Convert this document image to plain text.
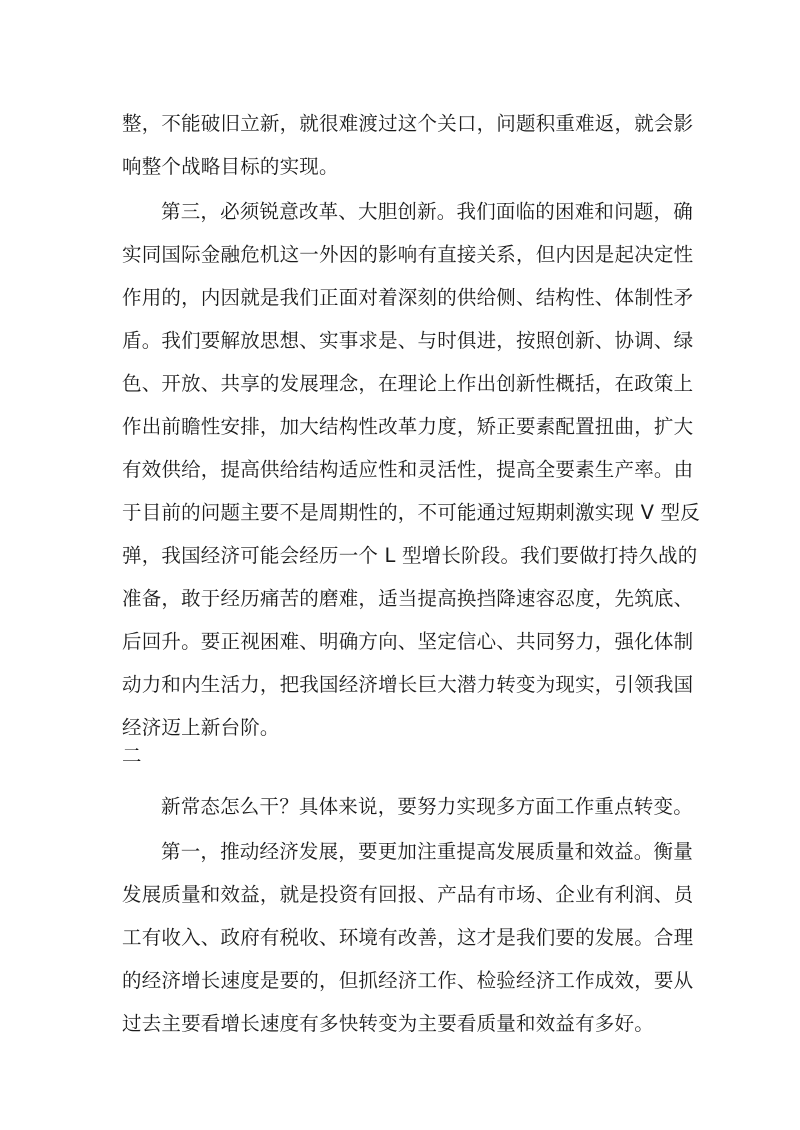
整，不能破旧立新，就很难渡过这个关口，问题积重难返，就会影
响整个战略目标的实现。
第三，必须锐意改革、大胆创新。我们面临的困难和问题，确
实同国际金融危机这一外因的影响有直接关系，但内因是起决定性
作用的，内因就是我们正面对着深刻的供给侧、结构性、体制性矛
盾。我们要解放思想、实事求是、与时俱进，按照创新、协调、绿
色、开放、共享的发展理念，在理论上作出创新性概括，在政策上
作出前瞻性安排，加大结构性改革力度，矫正要素配置扭曲，扩大
有效供给，提高供给结构适应性和灵活性，提高全要素生产率。由
于目前的问题主要不是周期性的，不可能通过短期刺激实现 V 型反
弹，我国经济可能会经历一个 L 型增长阶段。我们要做打持久战的
准备，敢于经历痛苦的磨难，适当提高换挡降速容忍度，先筑底、
后回升。要正视困难、明确方向、坚定信心、共同努力，强化体制
动力和内生活力，把我国经济增长巨大潜力转变为现实，引领我国
经济迈上新台阶。
二
新常态怎么干？具体来说，要努力实现多方面工作重点转变。
第一，推动经济发展，要更加注重提高发展质量和效益。衡量
发展质量和效益，就是投资有回报、产品有市场、企业有利润、员
工有收入、政府有税收、环境有改善，这才是我们要的发展。合理
的经济增长速度是要的，但抓经济工作、检验经济工作成效，要从
过去主要看增长速度有多快转变为主要看质量和效益有多好。
